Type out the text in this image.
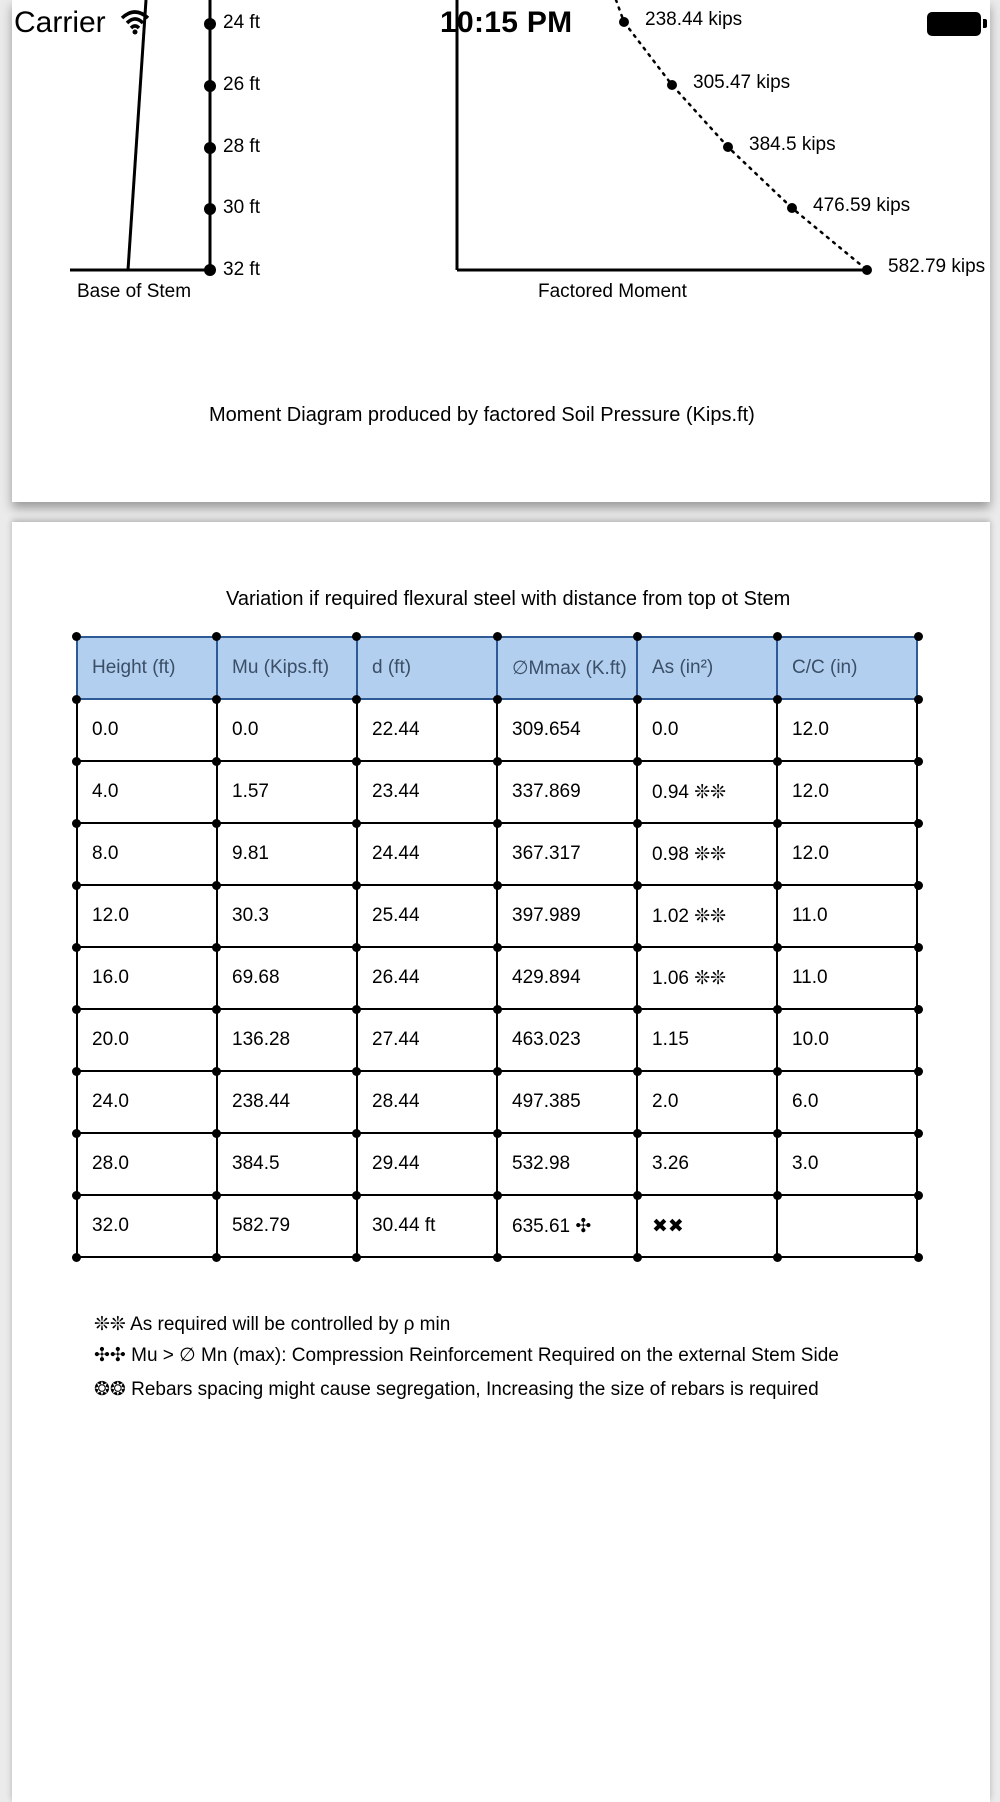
Carrier	10:15 PM
24 ft
26 ft
28 ft
30 ft
32 ft
Base of Stem
238.44 kips
305.47 kips
384.5 kips
476.59 kips
582.79 kips
Factored Moment
Moment Diagram produced by factored Soil Pressure (Kips.ft)
Variation if required flexural steel with distance from top ot Stem
Height (ft)	Mu (Kips.ft)	d (ft)	∅Mmax (K.ft)	As (in²)	C/C (in)
0.0	0.0	22.44	309.654	0.0	12.0
4.0	1.57	23.44	337.869	0.94 ❊❊	12.0
8.0	9.81	24.44	367.317	0.98 ❊❊	12.0
12.0	30.3	25.44	397.989	1.02 ❊❊	11.0
16.0	69.68	26.44	429.894	1.06 ❊❊	11.0
20.0	136.28	27.44	463.023	1.15	10.0
24.0	238.44	28.44	497.385	2.0	6.0
28.0	384.5	29.44	532.98	3.26	3.0
32.0	582.79	30.44 ft	635.61 ✣	✖✖	
❊❊ As required will be controlled by ρ min
✣✣ Mu > ∅ Mn (max): Compression Reinforcement Required on the external Stem Side
❂❂ Rebars spacing might cause segregation, Increasing the size of rebars is required
